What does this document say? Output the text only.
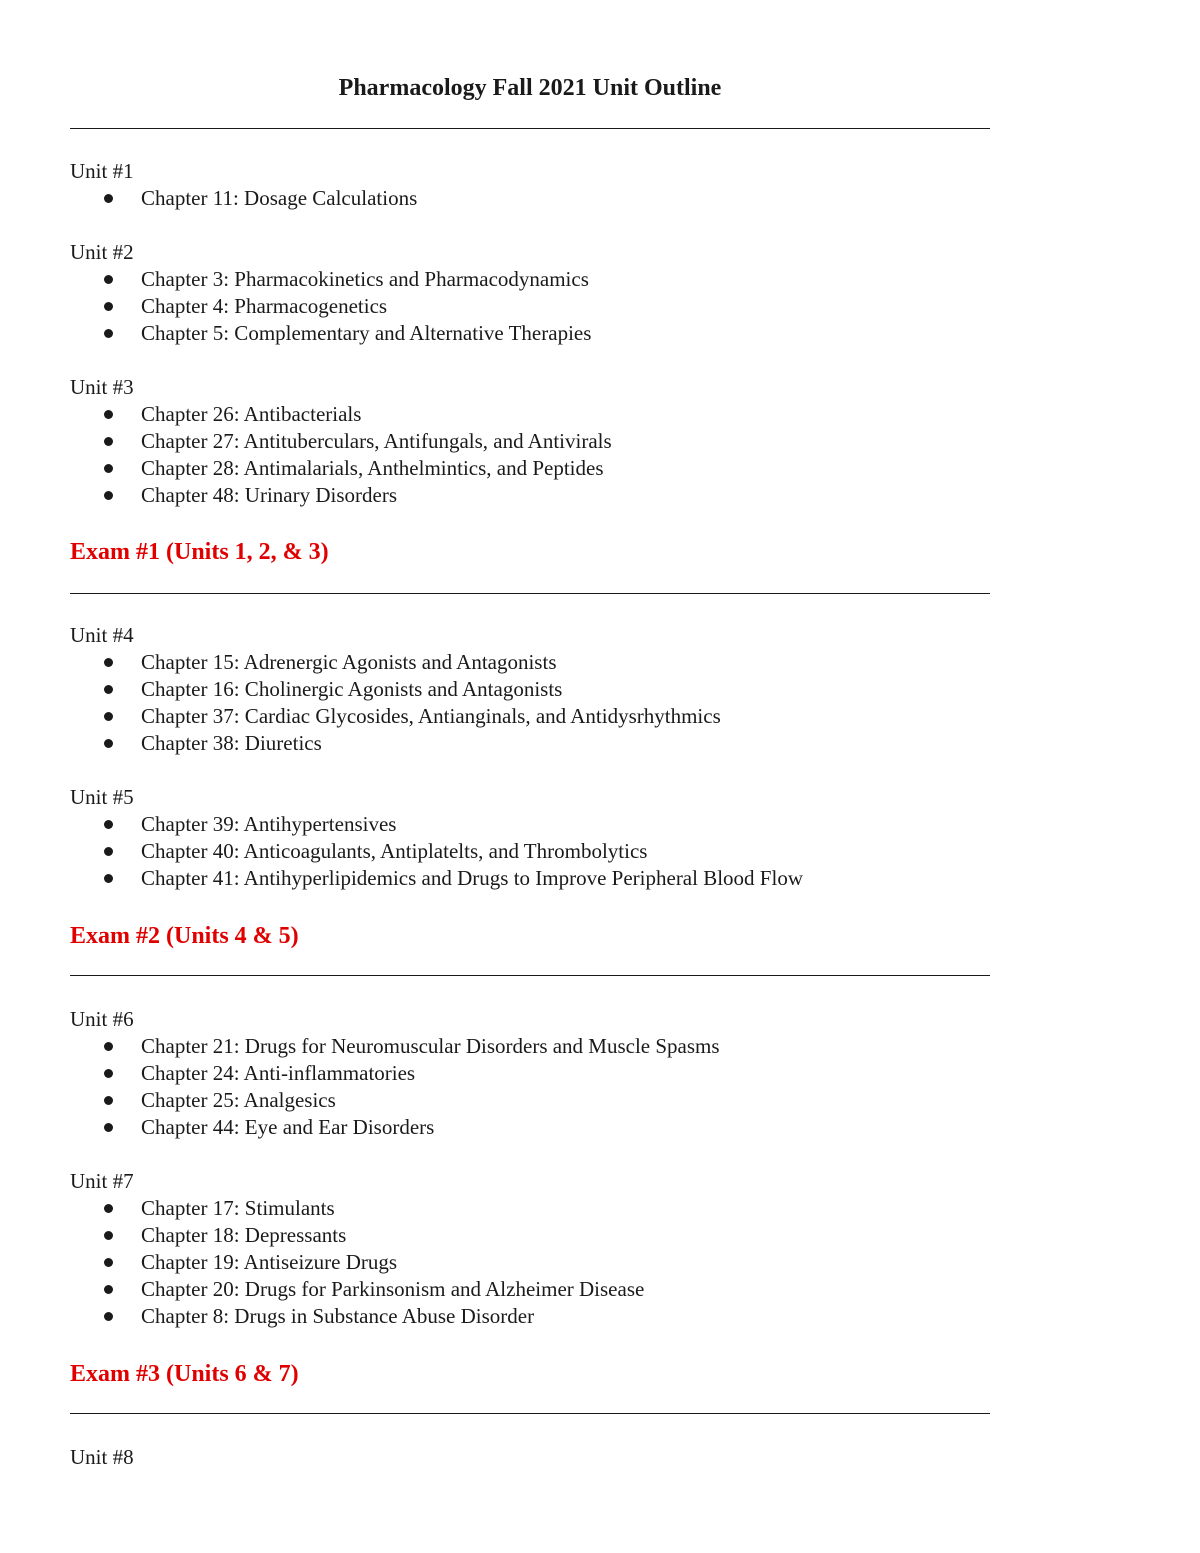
Pharmacology Fall 2021 Unit Outline
Unit #1
Chapter 11: Dosage Calculations
Unit #2
Chapter 3: Pharmacokinetics and Pharmacodynamics
Chapter 4: Pharmacogenetics
Chapter 5: Complementary and Alternative Therapies
Unit #3
Chapter 26: Antibacterials
Chapter 27: Antituberculars, Antifungals, and Antivirals
Chapter 28: Antimalarials, Anthelmintics, and Peptides
Chapter 48: Urinary Disorders
Exam #1 (Units 1, 2, & 3)
Unit #4
Chapter 15: Adrenergic Agonists and Antagonists
Chapter 16: Cholinergic Agonists and Antagonists
Chapter 37: Cardiac Glycosides, Antianginals, and Antidysrhythmics
Chapter 38: Diuretics
Unit #5
Chapter 39: Antihypertensives
Chapter 40: Anticoagulants, Antiplatelts, and Thrombolytics
Chapter 41: Antihyperlipidemics and Drugs to Improve Peripheral Blood Flow
Exam #2 (Units 4 & 5)
Unit #6
Chapter 21: Drugs for Neuromuscular Disorders and Muscle Spasms
Chapter 24: Anti-inflammatories
Chapter 25: Analgesics
Chapter 44: Eye and Ear Disorders
Unit #7
Chapter 17: Stimulants
Chapter 18: Depressants
Chapter 19: Antiseizure Drugs
Chapter 20: Drugs for Parkinsonism and Alzheimer Disease
Chapter 8: Drugs in Substance Abuse Disorder
Exam #3 (Units 6 & 7)
Unit #8
